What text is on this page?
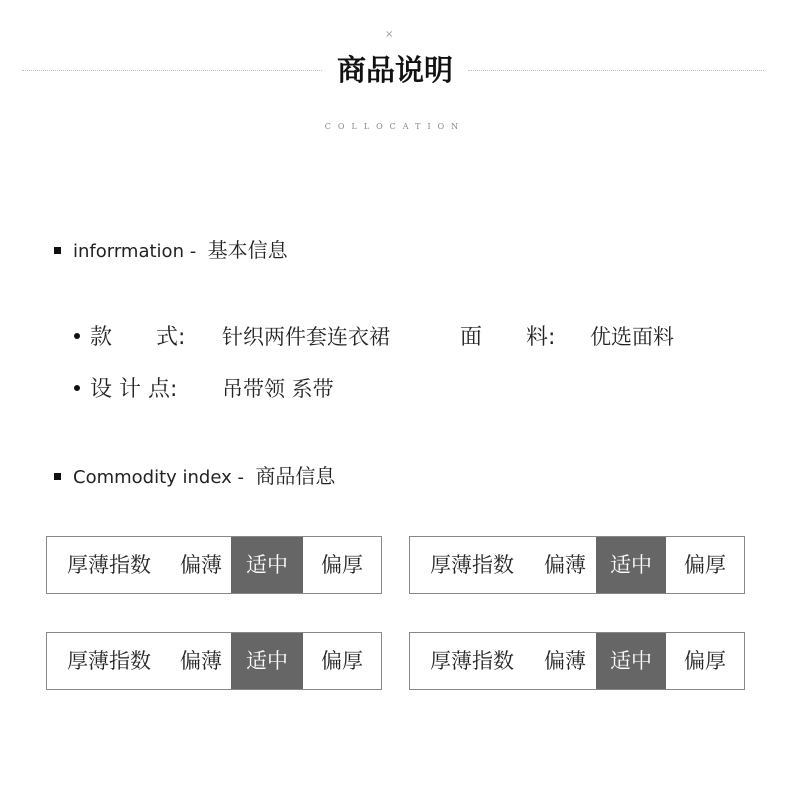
×
商品说明
COLLOCATION
inforrmation - 基本信息
款　　式: 针织两件套连衣裙	面　　料: 优选面料
设 计 点: 吊带领 系带
Commodity index - 商品信息
厚薄指数	偏薄	适中	偏厚	厚薄指数	偏薄	适中	偏厚
厚薄指数	偏薄	适中	偏厚	厚薄指数	偏薄	适中	偏厚
